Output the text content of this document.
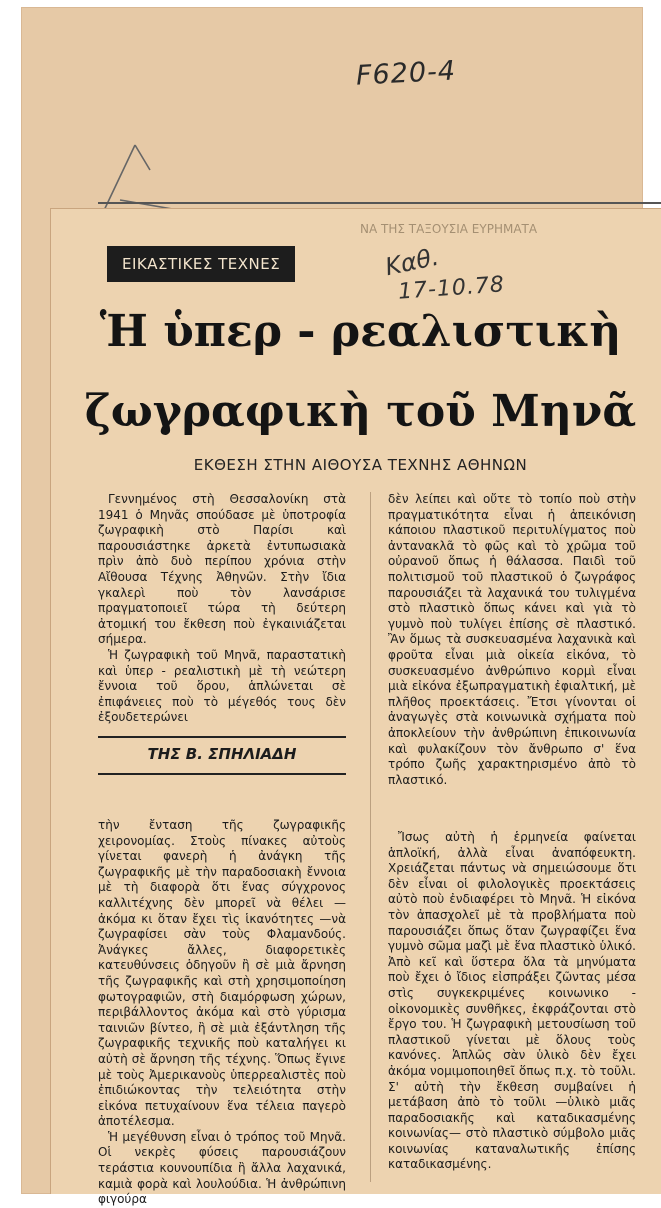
F620-4
ΝΑ ΤΗΣ ΤΑΞΟΥΣΙΑ ΕΥΡΗΜΑΤΑ
ΕΙΚΑΣΤΙΚΕΣ ΤΕΧΝΕΣ	Καθ.
17-10.78
Ἡ ὑπερ - ρεαλιστικὴ
ζωγραφικὴ τοῦ Μηνᾶ
ΕΚΘΕΣΗ ΣΤΗΝ ΑΙΘΟΥΣΑ ΤΕΧΝΗΣ ΑΘΗΝΩΝ

Γεννημένος στὴ Θεσσαλονίκη στὰ 1941 ὁ Μηνᾶς σπούδασε μὲ ὑποτροφία ζωγραφικὴ στὸ Παρίσι καὶ παρουσιάστηκε ἀρκετὰ ἐντυπωσιακὰ πρὶν ἀπὸ δυὸ περίπου χρόνια στὴν Αἴθουσα Τέχνης Ἀθηνῶν. Στὴν ἴδια γκαλερὶ ποὺ τὸν λανσάρισε πραγματοποιεῖ τώρα τὴ δεύτερη ἀτομική του ἔκθεση ποὺ ἐγκαινιάζεται σήμερα.

Ἡ ζωγραφικὴ τοῦ Μηνᾶ, παραστατικὴ καὶ ὑπερ - ρεαλιστικὴ μὲ τὴ νεώτερη ἔννοια τοῦ ὅρου, ἁπλώνεται σὲ ἐπιφάνειες ποὺ τὸ μέγεθός τους δὲν ἐξουδετερώνει

ΤΗΣ Β. ΣΠΗΛΙΑΔΗ

τὴν ἔνταση τῆς ζωγραφικῆς χειρονομίας. Στοὺς πίνακες αὐτοὺς γίνεται φανερὴ ἡ ἀνάγκη τῆς ζωγραφικῆς μὲ τὴν παραδοσιακὴ ἔννοια μὲ τὴ διαφορὰ ὅτι ἕνας σύγχρονος καλλιτέχνης δὲν μπορεῖ νὰ θέλει —ἀκόμα κι ὅταν ἔχει τὶς ἱκανότητες —νὰ ζωγραφίσει σὰν τοὺς Φλαμανδούς. Ἀνάγκες ἄλλες, διαφορετικὲς κατευθύνσεις ὁδηγοῦν ἢ σὲ μιὰ ἄρνηση τῆς ζωγραφικῆς καὶ στὴ χρησιμοποίηση φωτογραφιῶν, στὴ διαμόρφωση χώρων, περιβάλλοντος ἀκόμα καὶ στὸ γύρισμα ταινιῶν βίντεο, ἢ σὲ μιὰ ἐξάντληση τῆς ζωγραφικῆς τεχνικῆς ποὺ καταλήγει κι αὐτὴ σὲ ἄρνηση τῆς τέχνης. Ὅπως ἔγινε μὲ τοὺς Ἀμερικανοὺς ὑπερρεαλιστὲς ποὺ ἐπιδιώκοντας τὴν τελειότητα στὴν εἰκόνα πετυχαίνουν ἕνα τέλεια παγερὸ ἀποτέλεσμα.

Ἡ μεγέθυνση εἶναι ὁ τρόπος τοῦ Μηνᾶ. Οἱ νεκρὲς φύσεις παρουσιάζουν τεράστια κουνουπίδια ἢ ἄλλα λαχανικά, καμιὰ φορὰ καὶ λουλούδια. Ἡ ἀνθρώπινη φιγούρα

δὲν λείπει καὶ οὔτε τὸ τοπίο ποὺ στὴν πραγματικότητα εἶναι ἡ ἀπεικόνιση κάποιου πλαστικοῦ περιτυλίγματος ποὺ ἀντανακλᾶ τὸ φῶς καὶ τὸ χρῶμα τοῦ οὐρανοῦ ὅπως ἡ θάλασσα. Παιδὶ τοῦ πολιτισμοῦ τοῦ πλαστικοῦ ὁ ζωγράφος παρουσιάζει τὰ λαχανικά του τυλιγμένα στὸ πλαστικὸ ὅπως κάνει καὶ γιὰ τὸ γυμνὸ ποὺ τυλίγει ἐπίσης σὲ πλαστικό. Ἂν ὅμως τὰ συσκευασμένα λαχανικὰ καὶ φροῦτα εἶναι μιὰ οἰκεία εἰκόνα, τὸ συσκευασμένο ἀνθρώπινο κορμὶ εἶναι μιὰ εἰκόνα ἐξωπραγματικὴ ἐφιαλτική, μὲ πλῆθος προεκτάσεις. Ἔτσι γίνονται οἱ ἀναγωγὲς στὰ κοινωνικὰ σχήματα ποὺ ἀποκλείουν τὴν ἀνθρώπινη ἐπικοινωνία καὶ φυλακίζουν τὸν ἄνθρωπο σ' ἕνα τρόπο ζωῆς χαρακτηρισμένο ἀπὸ τὸ πλαστικό.

Ἴσως αὐτὴ ἡ ἑρμηνεία φαίνεται ἁπλοϊκή, ἀλλὰ εἶναι ἀναπόφευκτη. Χρειάζεται πάντως νὰ σημειώσουμε ὅτι δὲν εἶναι οἱ φιλολογικὲς προεκτάσεις αὐτὸ ποὺ ἐνδιαφέρει τὸ Μηνᾶ. Ἡ εἰκόνα τὸν ἀπασχολεῖ μὲ τὰ προβλήματα ποὺ παρουσιάζει ὅπως ὅταν ζωγραφίζει ἕνα γυμνὸ σῶμα μαζὶ μὲ ἕνα πλαστικὸ ὑλικό. Ἀπὸ κεῖ καὶ ὕστερα ὅλα τὰ μηνύματα ποὺ ἔχει ὁ ἴδιος εἰσπράξει ζῶντας μέσα στὶς συγκεκριμένες κοινωνικο - οἰκονομικὲς συνθῆκες, ἐκφράζονται στὸ ἔργο του. Ἡ ζωγραφικὴ μετουσίωση τοῦ πλαστικοῦ γίνεται μὲ ὅλους τοὺς κανόνες. Ἁπλῶς σὰν ὑλικὸ δὲν ἔχει ἀκόμα νομιμοποιηθεῖ ὅπως π.χ. τὸ τοῦλι. Σ' αὐτὴ τὴν ἔκθεση συμβαίνει ἡ μετάβαση ἀπὸ τὸ τοῦλι —ὑλικὸ μιᾶς παραδοσιακῆς καὶ καταδικασμένης κοινωνίας— στὸ πλαστικὸ σύμβολο μιᾶς κοινωνίας καταναλωτικῆς ἐπίσης καταδικασμένης.
